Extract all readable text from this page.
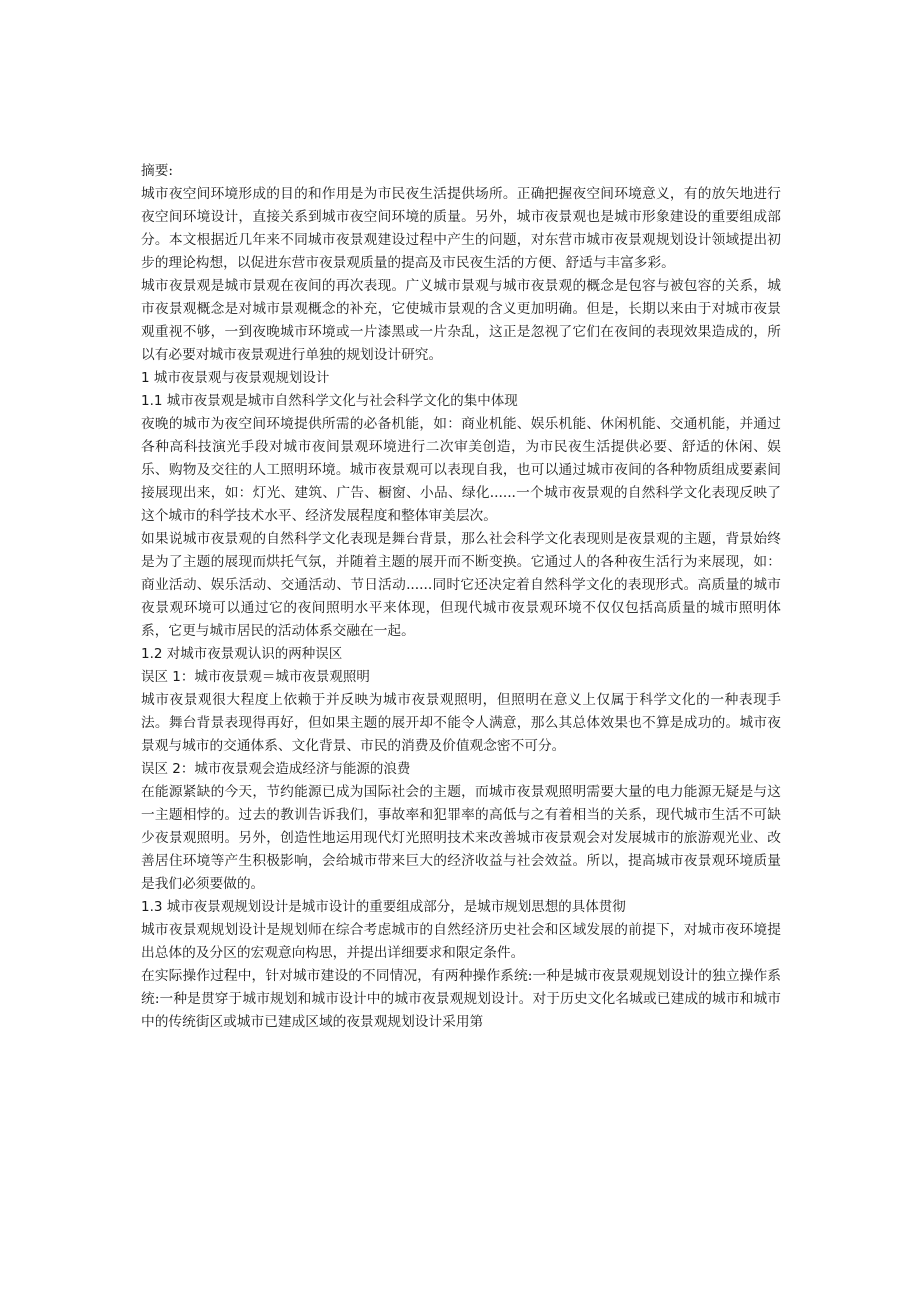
摘要:

城市夜空间环境形成的目的和作用是为市民夜生活提供场所。正确把握夜空间环境意义，有的放矢地进行夜空间环境设计，直接关系到城市夜空间环境的质量。另外，城市夜景观也是城市形象建设的重要组成部分。本文根据近几年来不同城市夜景观建设过程中产生的问题，对东营市城市夜景观规划设计领域提出初步的理论构想，以促进东营市夜景观质量的提高及市民夜生活的方便、舒适与丰富多彩。

城市夜景观是城市景观在夜间的再次表现。广义城市景观与城市夜景观的概念是包容与被包容的关系，城市夜景观概念是对城市景观概念的补充，它使城市景观的含义更加明确。但是，长期以来由于对城市夜景观重视不够，一到夜晚城市环境或一片漆黑或一片杂乱，这正是忽视了它们在夜间的表现效果造成的，所以有必要对城市夜景观进行单独的规划设计研究。

1 城市夜景观与夜景观规划设计

1.1 城市夜景观是城市自然科学文化与社会科学文化的集中体现

夜晚的城市为夜空间环境提供所需的必备机能，如：商业机能、娱乐机能、休闲机能、交通机能，并通过各种高科技演光手段对城市夜间景观环境进行二次审美创造，为市民夜生活提供必要、舒适的休闲、娱乐、购物及交往的人工照明环境。城市夜景观可以表现自我，也可以通过城市夜间的各种物质组成要素间接展现出来，如：灯光、建筑、广告、橱窗、小品、绿化......一个城市夜景观的自然科学文化表现反映了这个城市的科学技术水平、经济发展程度和整体审美层次。

如果说城市夜景观的自然科学文化表现是舞台背景，那么社会科学文化表现则是夜景观的主题，背景始终是为了主题的展现而烘托气氛，并随着主题的展开而不断变换。它通过人的各种夜生活行为来展现，如：商业活动、娱乐活动、交通活动、节日活动......同时它还决定着自然科学文化的表现形式。高质量的城市夜景观环境可以通过它的夜间照明水平来体现，但现代城市夜景观环境不仅仅包括高质量的城市照明体系，它更与城市居民的活动体系交融在一起。

1.2 对城市夜景观认识的两种误区

误区 1：城市夜景观＝城市夜景观照明

城市夜景观很大程度上依赖于并反映为城市夜景观照明，但照明在意义上仅属于科学文化的一种表现手法。舞台背景表现得再好，但如果主题的展开却不能令人满意，那么其总体效果也不算是成功的。城市夜景观与城市的交通体系、文化背景、市民的消费及价值观念密不可分。

误区 2：城市夜景观会造成经济与能源的浪费

在能源紧缺的今天，节约能源已成为国际社会的主题，而城市夜景观照明需要大量的电力能源无疑是与这一主题相悖的。过去的教训告诉我们，事故率和犯罪率的高低与之有着相当的关系，现代城市生活不可缺少夜景观照明。另外，创造性地运用现代灯光照明技术来改善城市夜景观会对发展城市的旅游观光业、改善居住环境等产生积极影响，会给城市带来巨大的经济收益与社会效益。所以，提高城市夜景观环境质量是我们必须要做的。

1.3 城市夜景观规划设计是城市设计的重要组成部分，是城市规划思想的具体贯彻

城市夜景观规划设计是规划师在综合考虑城市的自然经济历史社会和区域发展的前提下，对城市夜环境提出总体的及分区的宏观意向构思，并提出详细要求和限定条件。

在实际操作过程中，针对城市建设的不同情况，有两种操作系统:一种是城市夜景观规划设计的独立操作系统:一种是贯穿于城市规划和城市设计中的城市夜景观规划设计。对于历史文化名城或已建成的城市和城市中的传统街区或城市已建成区域的夜景观规划设计采用第
